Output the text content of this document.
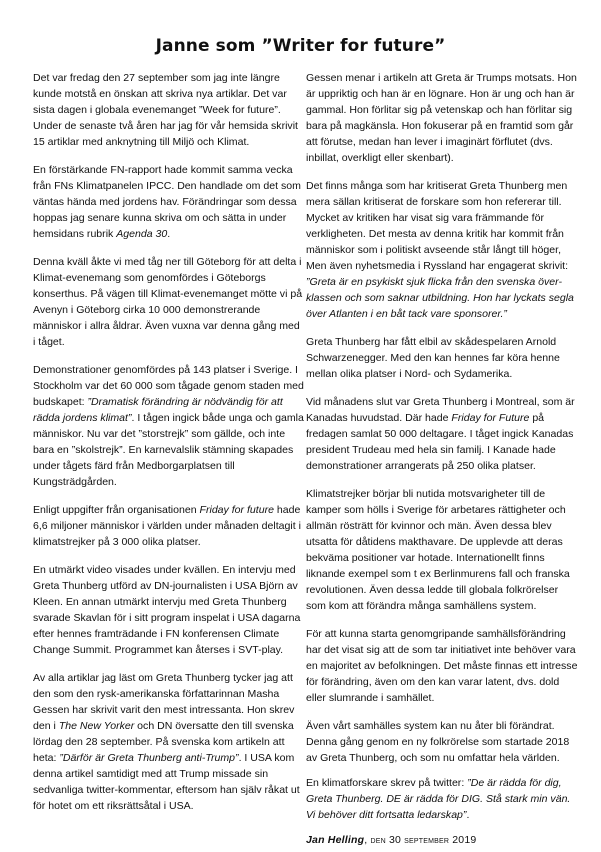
Janne som ”Writer for future”

Det var fredag den 27 september som jag inte längre kunde motstå en önskan att skriva nya artiklar. Det var sista dagen i globala evenemanget ”Week for future”. Under de senaste två åren har jag för vår hemsida skrivit 15 artiklar med anknytning till Miljö och Klimat.

En förstärkande FN-rapport hade kommit samma vecka från FNs Klimatpanelen IPCC. Den handlade om det som väntas hända med jordens hav. Förändringar som dessa hoppas jag senare kunna skriva om och sätta in under hemsidans rubrik Agenda 30.

Denna kväll åkte vi med tåg ner till Göteborg för att delta i Klimat-evenemang som genomfördes i Göteborgs konserthus. På vägen till Klimat-evenemanget mötte vi på Avenyn i Göteborg cirka 10 000 demonstrerande människor i allra åldrar. Även vuxna var denna gång med i tåget.

Demonstrationer genomfördes på 143 platser i Sverige. I Stockholm var det 60 000 som tågade genom staden med budskapet: ”Dramatisk förändring är nödvändig för att rädda jordens klimat”. I tågen ingick både unga och gamla människor. Nu var det ”storstrejk” som gällde, och inte bara en ”skolstrejk”. En karnevalslik stämning skapades under tågets färd från Medborgarplatsen till Kungsträdgården.

Enligt uppgifter från organisationen Friday for future hade 6,6 miljoner människor i världen under månaden deltagit i klimatstrejker på 3 000 olika platser.

En utmärkt video visades under kvällen. En intervju med Greta Thunberg utförd av DN-journalisten i USA Björn av Kleen. En annan utmärkt intervju med Greta Thunberg svarade Skavlan för i sitt program inspelat i USA dagarna efter hennes framträdande i FN konferensen Climate Change Summit. Programmet kan återses i SVT-play.

Av alla artiklar jag läst om Greta Thunberg tycker jag att den som den rysk-amerikanska författarinnan Masha Gessen har skrivit varit den mest intressanta. Hon skrev den i The New Yorker och DN översatte den till svenska lördag den 28 september. På svenska kom artikeln att heta: ”Därför är Greta Thunberg anti-Trump”. I USA kom denna artikel samtidigt med att Trump missade sin sedvanliga twitter-kommentar, eftersom han själv råkat ut för hotet om ett riksrättsåtal i USA.

Gessen menar i artikeln att Greta är Trumps motsats. Hon är uppriktig och han är en lögnare. Hon är ung och han är gammal. Hon förlitar sig på vetenskap och han förlitar sig bara på magkänsla. Hon fokuserar på en framtid som går att förutse, medan han lever i imaginärt förflutet (dvs. inbillat, overkligt eller skenbart).

Det finns många som har kritiserat Greta Thunberg men mera sällan kritiserat de forskare som hon refererar till. Mycket av kritiken har visat sig vara främmande för verkligheten. Det mesta av denna kritik har kommit från människor som i politiskt avseende står långt till höger, Men även nyhetsmedia i Ryssland har engagerat skrivit: ”Greta är en psykiskt sjuk flicka från den svenska över-klassen och som saknar utbildning. Hon har lyckats segla över Atlanten i en båt tack vare sponsorer.”

Greta Thunberg har fått elbil av skådespelaren Arnold Schwarzenegger. Med den kan hennes far köra henne mellan olika platser i Nord- och Sydamerika.

Vid månadens slut var Greta Thunberg i Montreal, som är Kanadas huvudstad. Där hade Friday for Future på fredagen samlat 50 000 deltagare. I tåget ingick Kanadas president Trudeau med hela sin familj. I Kanade hade demonstrationer arrangerats på 250 olika platser.

Klimatstrejker börjar bli nutida motsvarigheter till de kamper som hölls i Sverige för arbetares rättigheter och allmän rösträtt för kvinnor och män. Även dessa blev utsatta för dåtidens makthavare. De upplevde att deras bekväma positioner var hotade. Internationellt finns liknande exempel som t ex Berlinmurens fall och franska revolutionen. Även dessa ledde till globala folkrörelser som kom att förändra många samhällens system.

För att kunna starta genomgripande samhällsförändring har det visat sig att de som tar initiativet inte behöver vara en majoritet av befolkningen. Det måste finnas ett intresse för förändring, även om den kan varar latent, dvs. dold eller slumrande i samhället.

Även vårt samhälles system kan nu åter bli förändrat. Denna gång genom en ny folkrörelse som startade 2018 av Greta Thunberg, och som nu omfattar hela världen.

En klimatforskare skrev på twitter: ”De är rädda för dig, Greta Thunberg. DE är rädda för DIG. Stå stark min vän. Vi behöver ditt fortsatta ledarskap”.

Jan Helling, den 30 september 2019
